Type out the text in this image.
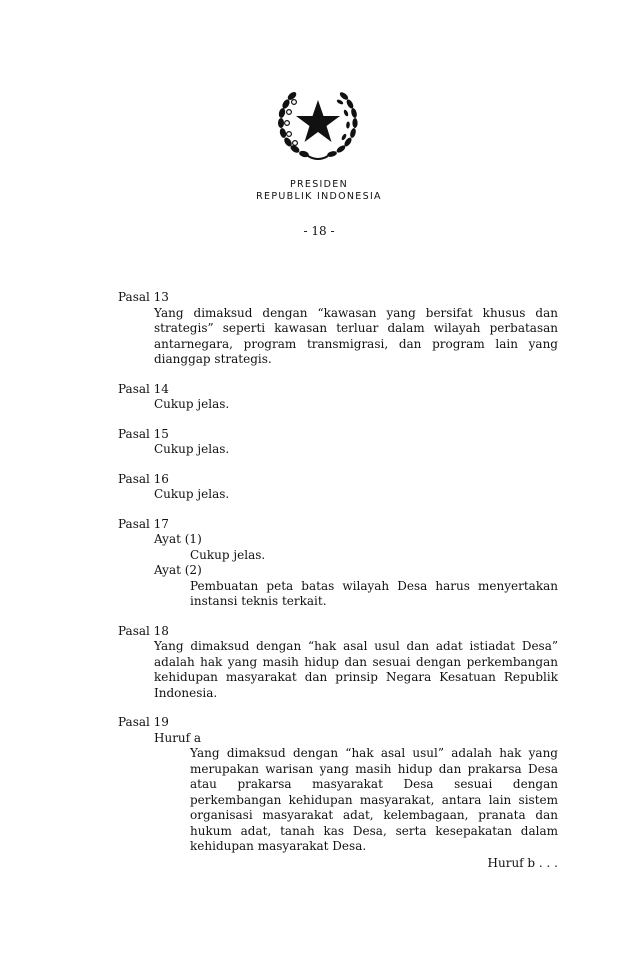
PRESIDEN
REPUBLIK INDONESIA
- 18 -
Pasal 13
Yang dimaksud dengan “kawasan yang bersifat khusus dan strategis” seperti kawasan terluar dalam wilayah perbatasan antarnegara, program transmigrasi, dan program lain yang dianggap strategis.
Pasal 14
Cukup jelas.
Pasal 15
Cukup jelas.
Pasal 16
Cukup jelas.
Pasal 17
Ayat (1)
Cukup jelas.
Ayat (2)
Pembuatan peta batas wilayah Desa harus menyertakan instansi teknis terkait.
Pasal 18
Yang dimaksud dengan “hak asal usul dan adat istiadat Desa” adalah hak yang masih hidup dan sesuai dengan perkembangan kehidupan masyarakat dan prinsip Negara Kesatuan Republik Indonesia.
Pasal 19
Huruf a
Yang dimaksud dengan “hak asal usul” adalah hak yang merupakan warisan yang masih hidup dan prakarsa Desa atau prakarsa masyarakat Desa sesuai dengan perkembangan kehidupan masyarakat, antara lain sistem organisasi masyarakat adat, kelembagaan, pranata dan hukum adat, tanah kas Desa, serta kesepakatan dalam kehidupan masyarakat Desa.
Huruf b . . .
